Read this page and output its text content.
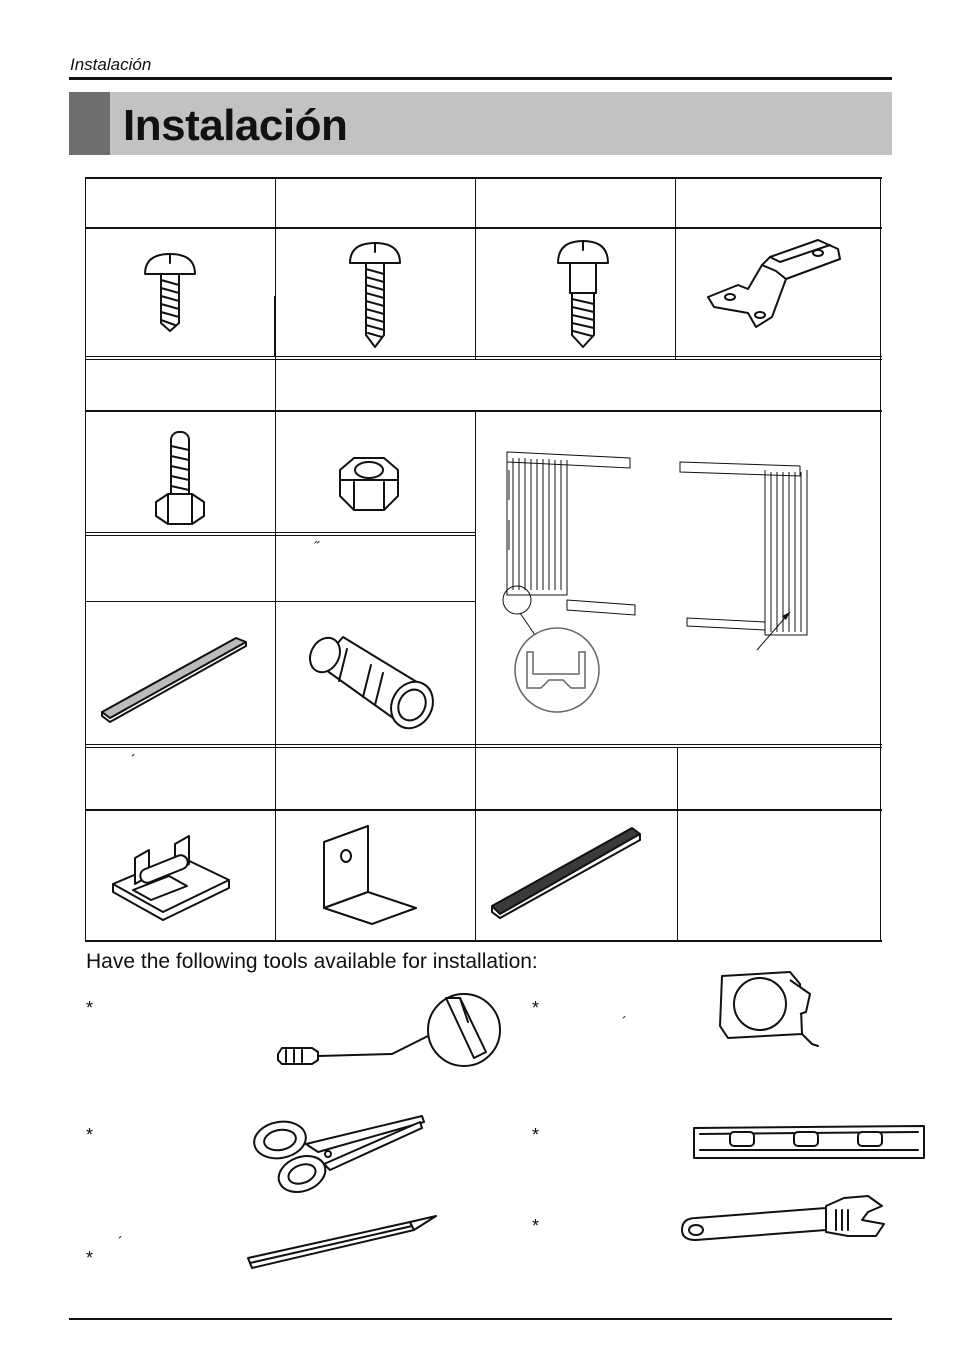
Instalación
Instalación
˝
´
Have the following tools available for installation:
*
*
*
*
*
*
´
´
